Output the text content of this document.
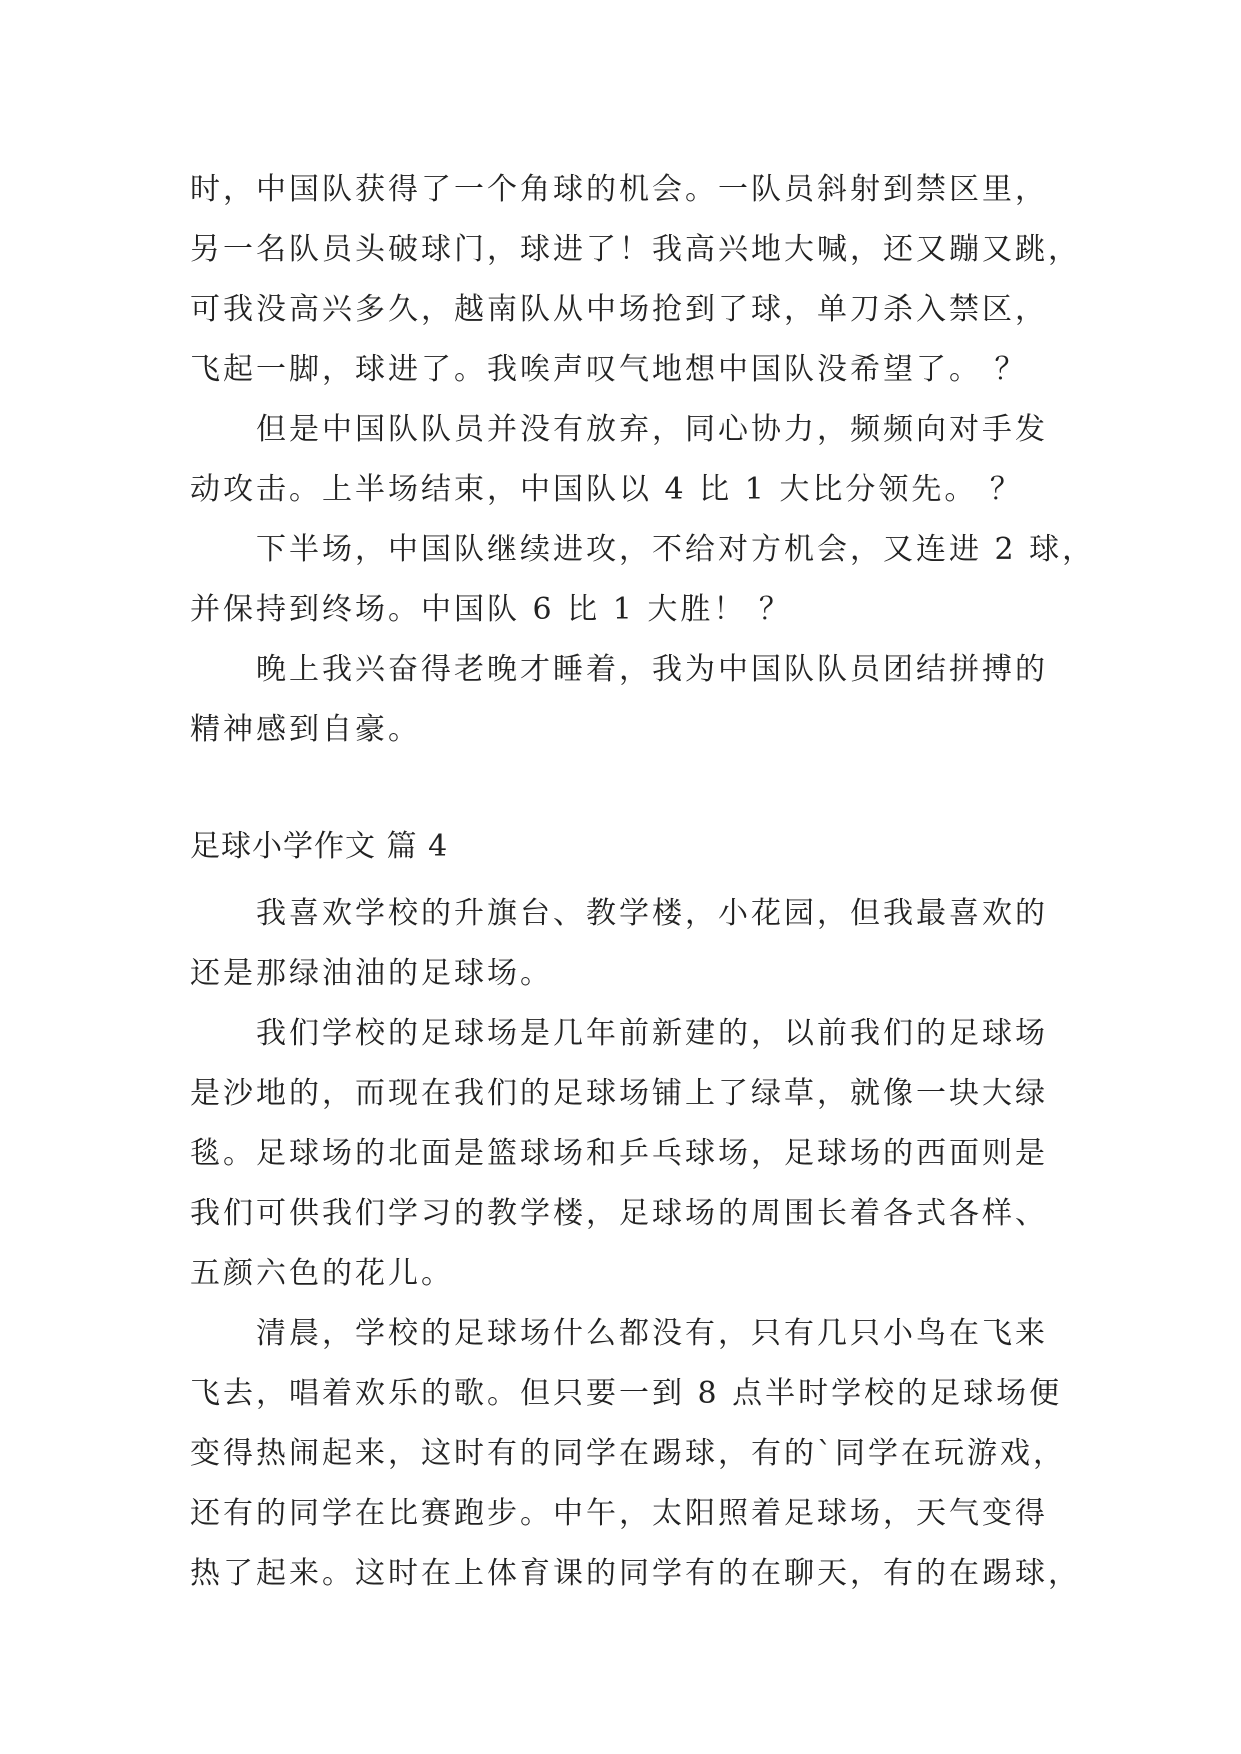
时，中国队获得了一个角球的机会。一队员斜射到禁区里，
另一名队员头破球门，球进了！我高兴地大喊，还又蹦又跳，
可我没高兴多久，越南队从中场抢到了球，单刀杀入禁区，
飞起一脚，球进了。我唉声叹气地想中国队没希望了。 ？
　　但是中国队队员并没有放弃，同心协力，频频向对手发
动攻击。上半场结束，中国队以 4 比 1 大比分领先。 ？
　　下半场，中国队继续进攻，不给对方机会，又连进 2 球，
并保持到终场。中国队 6 比 1 大胜！ ？
　　晚上我兴奋得老晚才睡着，我为中国队队员团结拼搏的
精神感到自豪。
足球小学作文 篇 4
　　我喜欢学校的升旗台、教学楼，小花园，但我最喜欢的
还是那绿油油的足球场。
　　我们学校的足球场是几年前新建的，以前我们的足球场
是沙地的，而现在我们的足球场铺上了绿草，就像一块大绿
毯。足球场的北面是篮球场和乒乓球场，足球场的西面则是
我们可供我们学习的教学楼，足球场的周围长着各式各样、
五颜六色的花儿。
　　清晨，学校的足球场什么都没有，只有几只小鸟在飞来
飞去，唱着欢乐的歌。但只要一到 8 点半时学校的足球场便
变得热闹起来，这时有的同学在踢球，有的`同学在玩游戏，
还有的同学在比赛跑步。中午，太阳照着足球场，天气变得
热了起来。这时在上体育课的同学有的在聊天，有的在踢球，
